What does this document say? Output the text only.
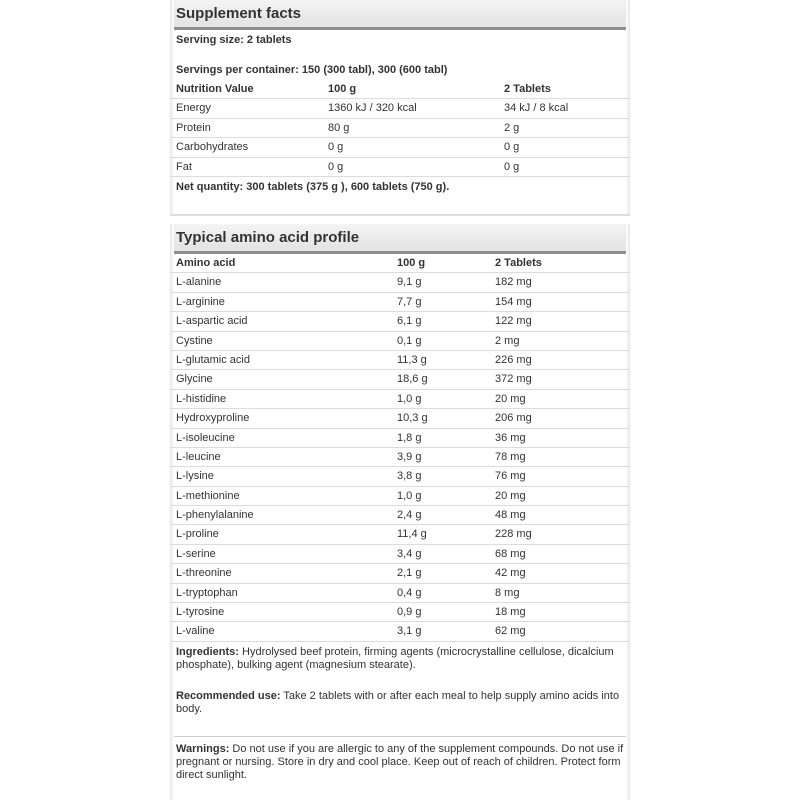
Supplement facts
Serving size: 2 tablets
Servings per container: 150 (300 tabl), 300 (600 tabl)
Nutrition Value	100 g	2 Tablets
Energy	1360 kJ / 320 kcal	34 kJ / 8 kcal
Protein	80 g	2 g
Carbohydrates	0 g	0 g
Fat	0 g	0 g
Net quantity: 300 tablets (375 g ), 600 tablets (750 g).
Typical amino acid profile
Amino acid	100 g	2 Tablets
L-alanine	9,1 g	182 mg
L-arginine	7,7 g	154 mg
L-aspartic acid	6,1 g	122 mg
Cystine	0,1 g	2 mg
L-glutamic acid	11,3 g	226 mg
Glycine	18,6 g	372 mg
L-histidine	1,0 g	20 mg
Hydroxyproline	10,3 g	206 mg
L-isoleucine	1,8 g	36 mg
L-leucine	3,9 g	78 mg
L-lysine	3,8 g	76 mg
L-methionine	1,0 g	20 mg
L-phenylalanine	2,4 g	48 mg
L-proline	11,4 g	228 mg
L-serine	3,4 g	68 mg
L-threonine	2,1 g	42 mg
L-tryptophan	0,4 g	8 mg
L-tyrosine	0,9 g	18 mg
L-valine	3,1 g	62 mg
Ingredients: Hydrolysed beef protein, firming agents (microcrystalline cellulose, dicalcium phosphate), bulking agent (magnesium stearate).
Recommended use: Take 2 tablets with or after each meal to help supply amino acids into body.
Warnings: Do not use if you are allergic to any of the supplement compounds. Do not use if pregnant or nursing. Store in dry and cool place. Keep out of reach of children. Protect form direct sunlight.
